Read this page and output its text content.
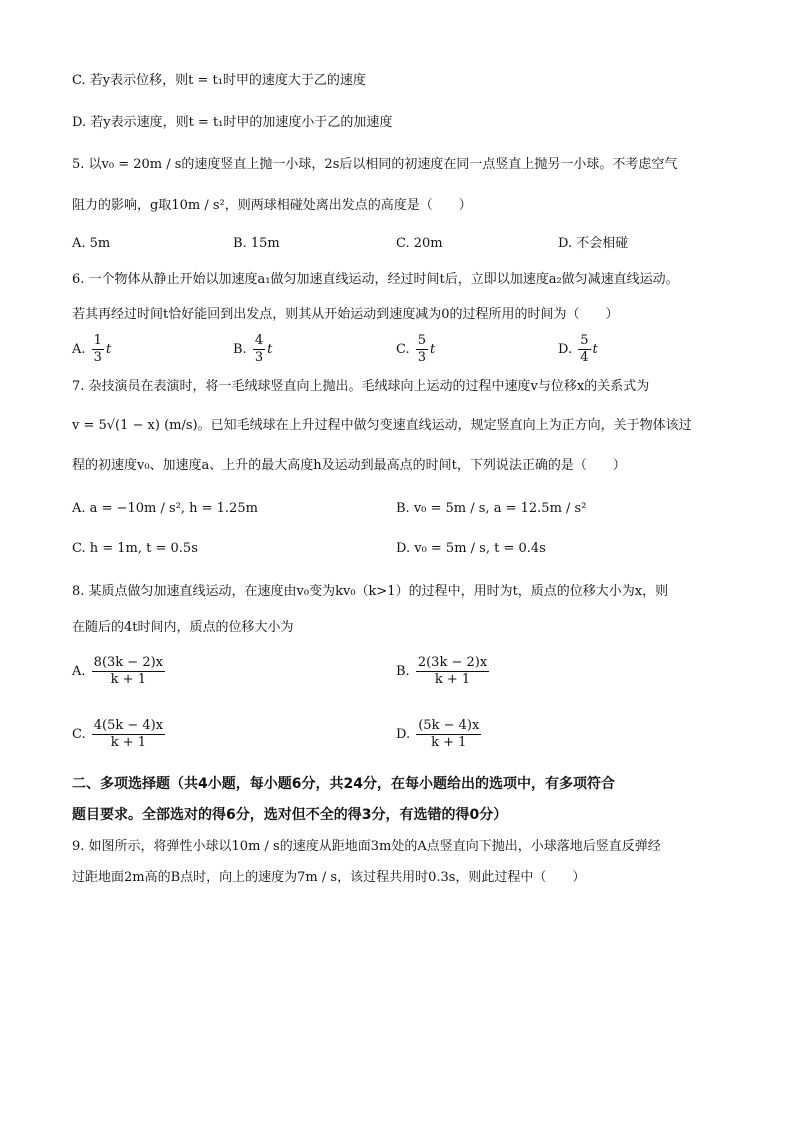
C. 若y表示位移，则t = t₁时甲的速度大于乙的速度
D. 若y表示速度，则t = t₁时甲的加速度小于乙的加速度
5. 以v₀ = 20m / s的速度竖直上抛一小球，2s后以相同的初速度在同一点竖直上抛另一小球。不考虑空气
阻力的影响，g取10m / s²，则两球相碰处离出发点的高度是（　　）
A. 5m	B. 15m	C. 20m	D. 不会相碰
6. 一个物体从静止开始以加速度a₁做匀加速直线运动，经过时间t后，立即以加速度a₂做匀减速直线运动。
若其再经过时间t恰好能回到出发点，则其从开始运动到速度减为0的过程所用的时间为（　　）
A. $\frac{1}{3}$ t	B. $\frac{4}{3}$ t	C. $\frac{5}{3}$ t	D. $\frac{5}{4}$ t
7. 杂技演员在表演时，将一毛绒球竖直向上抛出。毛绒球向上运动的过程中速度v与位移x的关系式为
v = 5√(1 − x) (m/s)。已知毛绒球在上升过程中做匀变速直线运动，规定竖直向上为正方向，关于物体该过
程的初速度v₀、加速度a、上升的最大高度h及运动到最高点的时间t，下列说法正确的是（　　）
A. a = −10m / s², h = 1.25m	B. v₀ = 5m / s, a = 12.5m / s²
C. h = 1m, t = 0.5s	D. v₀ = 5m / s, t = 0.4s
8. 某质点做匀加速直线运动，在速度由v₀变为kv₀（k>1）的过程中，用时为t，质点的位移大小为x，则
在随后的4t时间内，质点的位移大小为
A. $\frac{8(3k - 2)x}{k + 1}$	B. $\frac{2(3k - 2)x}{k + 1}$
C. $\frac{4(5k - 4)x}{k + 1}$	D. $\frac{(5k - 4)x}{k + 1}$
二、多项选择题（共4小题，每小题6分，共24分，在每小题给出的选项中，有多项符合
题目要求。全部选对的得6分，选对但不全的得3分，有选错的得0分）
9. 如图所示，将弹性小球以10m / s的速度从距地面3m处的A点竖直向下抛出，小球落地后竖直反弹经
过距地面2m高的B点时，向上的速度为7m / s，该过程共用时0.3s，则此过程中（　　）
